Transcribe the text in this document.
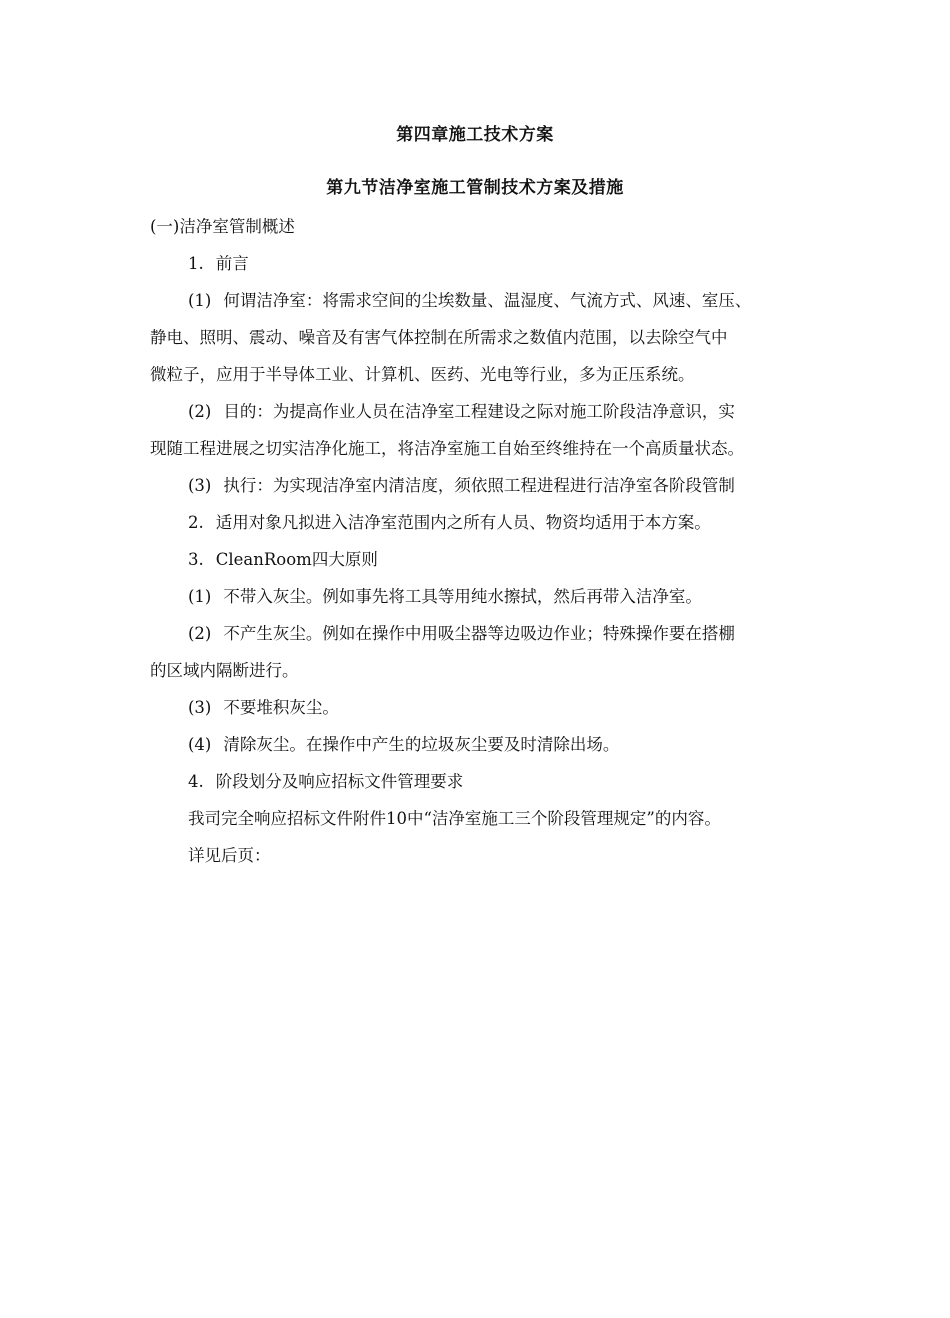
第四章施工技术方案
第九节洁净室施工管制技术方案及措施
(一)洁净室管制概述
1. 前言
(1) 何谓洁净室：将需求空间的尘埃数量、温湿度、气流方式、风速、室压、
静电、照明、震动、噪音及有害气体控制在所需求之数值内范围，以去除空气中
微粒子，应用于半导体工业、计算机、医药、光电等行业，多为正压系统。
(2) 目的：为提高作业人员在洁净室工程建设之际对施工阶段洁净意识，实
现随工程进展之切实洁净化施工，将洁净室施工自始至终维持在一个高质量状态。
(3) 执行：为实现洁净室内清洁度，须依照工程进程进行洁净室各阶段管制
2. 适用对象凡拟进入洁净室范围内之所有人员、物资均适用于本方案。
3. CleanRoom四大原则
(1) 不带入灰尘。例如事先将工具等用纯水擦拭，然后再带入洁净室。
(2) 不产生灰尘。例如在操作中用吸尘器等边吸边作业；特殊操作要在搭棚
的区域内隔断进行。
(3) 不要堆积灰尘。
(4) 清除灰尘。在操作中产生的垃圾灰尘要及时清除出场。
4. 阶段划分及响应招标文件管理要求
我司完全响应招标文件附件10中“洁净室施工三个阶段管理规定”的内容。
详见后页：
